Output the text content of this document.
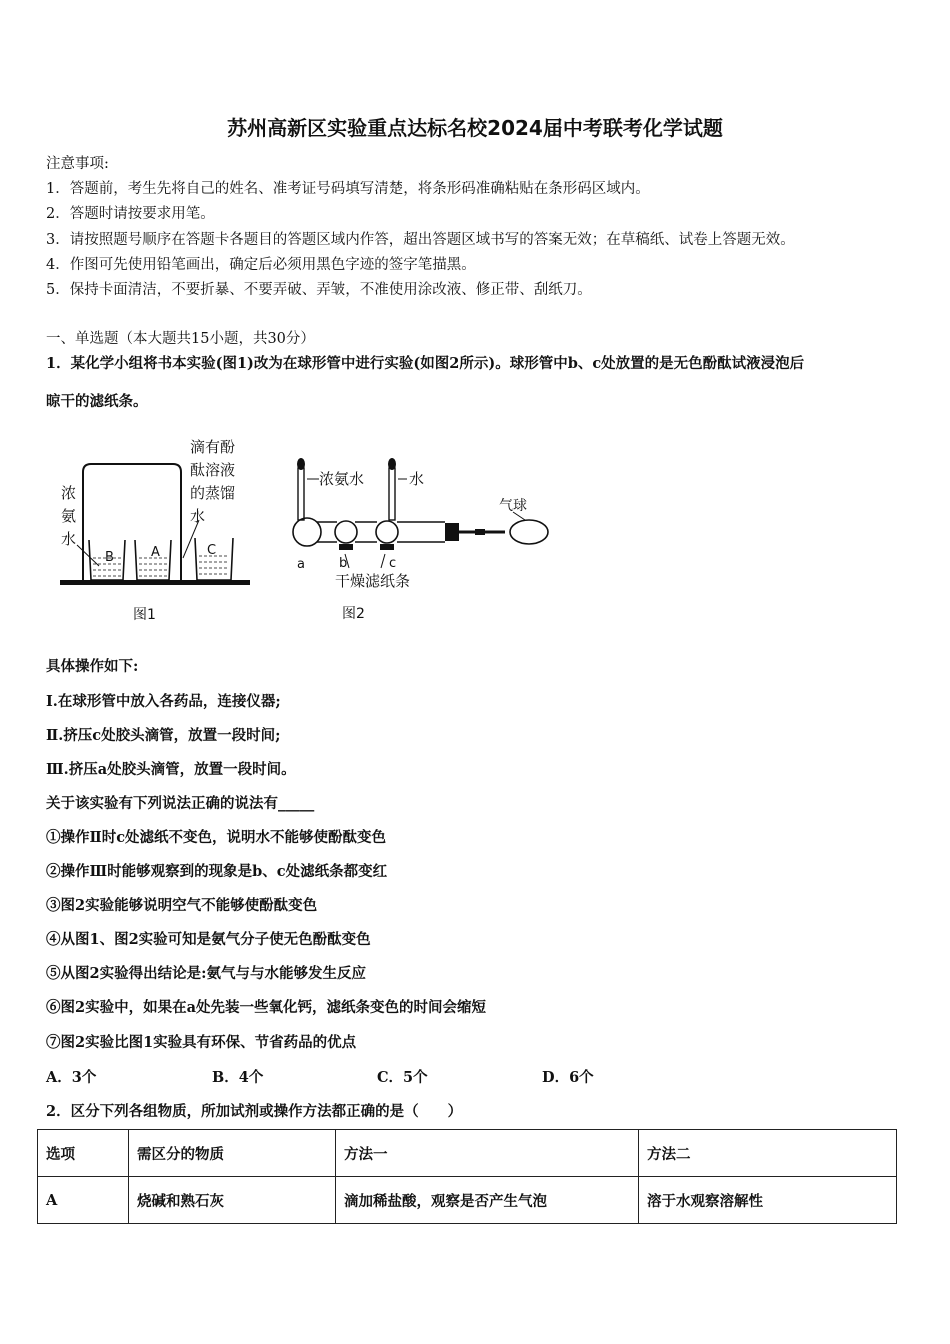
苏州高新区实验重点达标名校2024届中考联考化学试题
注意事项:
1．答题前，考生先将自己的姓名、准考证号码填写清楚，将条形码准确粘贴在条形码区域内。
2．答题时请按要求用笔。
3．请按照题号顺序在答题卡各题目的答题区域内作答，超出答题区域书写的答案无效；在草稿纸、试卷上答题无效。
4．作图可先使用铅笔画出，确定后必须用黑色字迹的签字笔描黑。
5．保持卡面清洁，不要折暴、不要弄破、弄皱，不准使用涂改液、修正带、刮纸刀。
一、单选题（本大题共15小题，共30分）
1．某化学小组将书本实验(图1)改为在球形管中进行实验(如图2所示)。球形管中b、c处放置的是无色酚酞试液浸泡后
晾干的滤纸条。
B	A	C
浓
氨
水
滴有酚
酞溶液
的蒸馏
水
图1
浓氨水	水
气球
a	b	c
干燥滤纸条
图2
具体操作如下:
Ⅰ.在球形管中放入各药品，连接仪器;
Ⅱ.挤压c处胶头滴管，放置一段时间;
Ⅲ.挤压a处胶头滴管，放置一段时间。
关于该实验有下列说法正确的说法有_____
①操作Ⅱ时c处滤纸不变色，说明水不能够使酚酞变色
②操作Ⅲ时能够观察到的现象是b、c处滤纸条都变红
③图2实验能够说明空气不能够使酚酞变色
④从图1、图2实验可知是氨气分子使无色酚酞变色
⑤从图2实验得出结论是:氨气与与水能够发生反应
⑥图2实验中，如果在a处先装一些氧化钙，滤纸条变色的时间会缩短
⑦图2实验比图1实验具有环保、节省药品的优点
A．3个	B．4个	C．5个	D．6个
2．区分下列各组物质，所加试剂或操作方法都正确的是（　　）
选项	需区分的物质	方法一	方法二
A	烧碱和熟石灰	滴加稀盐酸，观察是否产生气泡	溶于水观察溶解性
